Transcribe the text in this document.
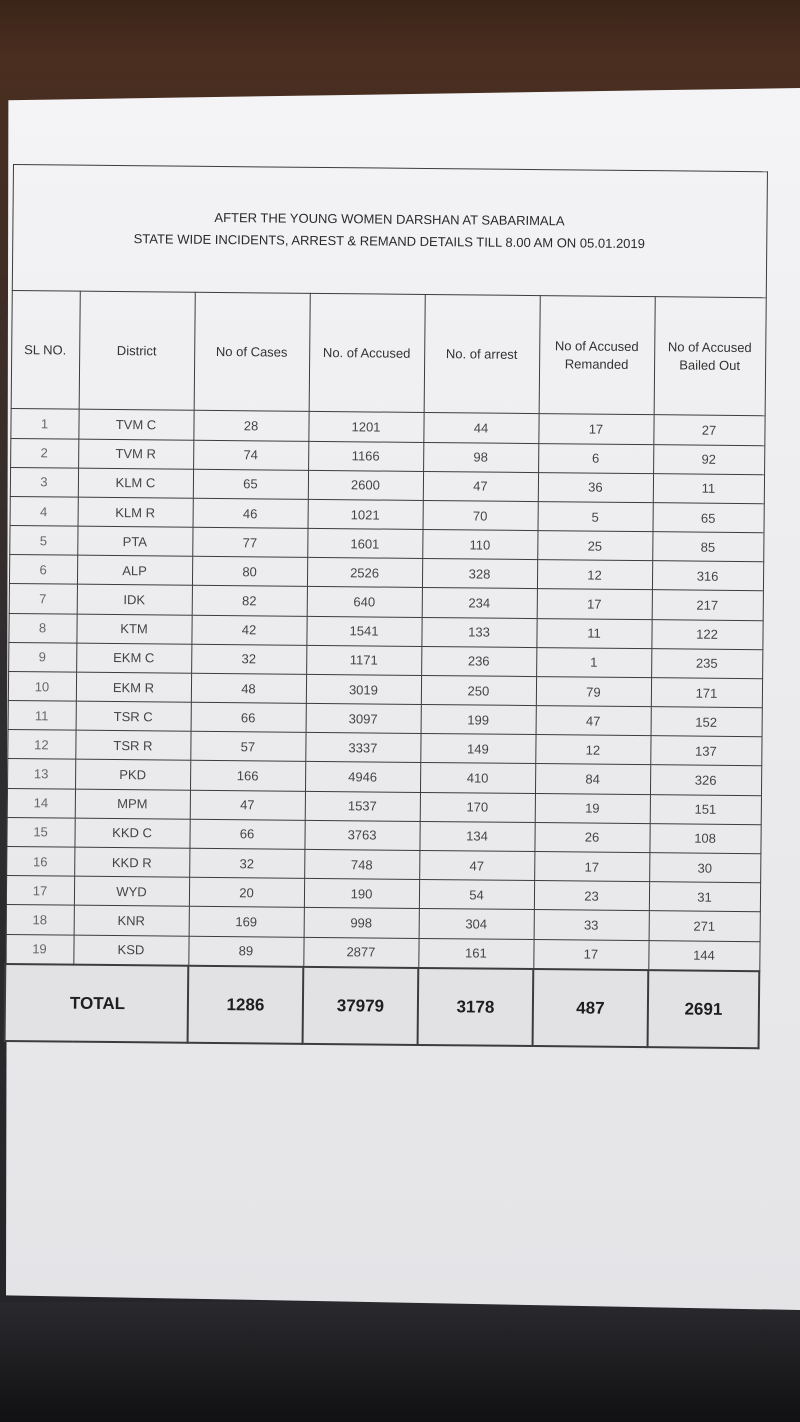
AFTER THE YOUNG WOMEN DARSHAN AT SABARIMALA
STATE WIDE INCIDENTS, ARREST & REMAND DETAILS TILL 8.00 AM ON 05.01.2019						

SL NO.	District	No of Cases	No. of Accused	No. of arrest	No of Accused Remanded	No of Accused Bailed Out
1	TVM C	28	1201	44	17	27
2	TVM R	74	1166	98	6	92
3	KLM C	65	2600	47	36	11
4	KLM R	46	1021	70	5	65
5	PTA	77	1601	110	25	85
6	ALP	80	2526	328	12	316
7	IDK	82	640	234	17	217
8	KTM	42	1541	133	11	122
9	EKM C	32	1171	236	1	235
10	EKM R	48	3019	250	79	171
11	TSR C	66	3097	199	47	152
12	TSR R	57	3337	149	12	137
13	PKD	166	4946	410	84	326
14	MPM	47	1537	170	19	151
15	KKD C	66	3763	134	26	108
16	KKD R	32	748	47	17	30
17	WYD	20	190	54	23	31
18	KNR	169	998	304	33	271
19	KSD	89	2877	161	17	144
TOTAL		1286	37979	3178	487	2691
